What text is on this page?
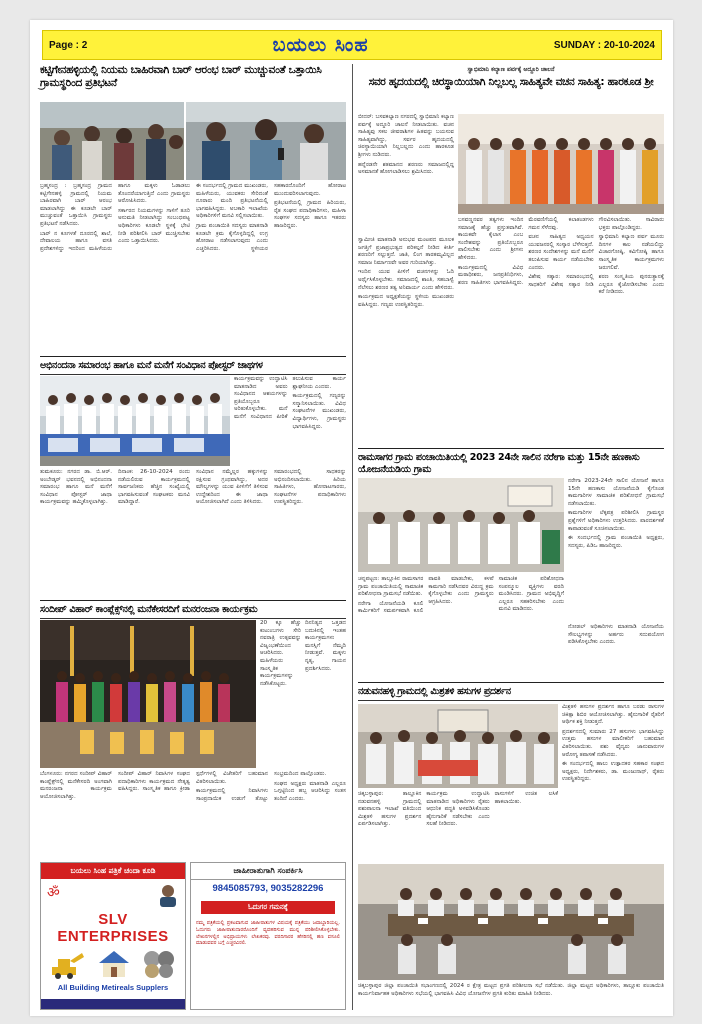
Page : 2	ಬಯಲು ಸಿಂಹ	SUNDAY : 20-10-2024
ಕಟ್ಟಿಗೇನಹಳ್ಳಿಯಲ್ಲಿ ನಿಯಮ ಬಾಹಿರವಾಗಿ ಬಾರ್ ಆರಂಭ ಬಾರ್ ಮುಚ್ಚುವಂತೆ ಒತ್ತಾಯಿಸಿ ಗ್ರಾಮಸ್ಥರಿಂದ ಪ್ರತಿಭಟನೆ

ಬ್ರಹ್ಮಸಂದ್ರ : ಬ್ರಹ್ಮಸಂದ್ರ ಗ್ರಾಮದ ಕಟ್ಟಿಗೇನಹಳ್ಳಿ ಗ್ರಾಮದಲ್ಲಿ ನಿಯಮ ಬಾಹಿರವಾಗಿ ಬಾರ್ ಆರಂಭ ಮಾಡಲಾಗಿದ್ದು ಈ ಕೂಡಲೇ ಬಾರ್ ಮುಚ್ಚುವಂತೆ ಒತ್ತಾಯಿಸಿ ಗ್ರಾಮಸ್ಥರು ಪ್ರತಿಭಟನೆ ನಡೆಸಿದರು.

ಬಾರ್ ನ ಕೂಗಳತೆ ದೂರದಲ್ಲಿ ಶಾಲೆ, ದೇವಾಲಯ ಹಾಗೂ ವಸತಿ ಪ್ರದೇಶಗಳಿದ್ದು ಇದರಿಂದ ಮಹಿಳೆಯರು ಹಾಗೂ ಮಕ್ಕಳು ಓಡಾಡಲು ತೊಂದರೆಯಾಗುತ್ತಿದೆ ಎಂದು ಗ್ರಾಮಸ್ಥರು ಆರೋಪಿಸಿದರು.

ಸರ್ಕಾರದ ನಿಯಮಗಳನ್ನು ಗಾಳಿಗೆ ತೂರಿ ಅನುಮತಿ ನೀಡಲಾಗಿದ್ದು ಸಂಬಂಧಪಟ್ಟ ಅಧಿಕಾರಿಗಳು ಕೂಡಲೇ ಸ್ಥಳಕ್ಕೆ ಭೇಟಿ ನೀಡಿ ಪರಿಶೀಲಿಸಿ ಬಾರ್ ಮುಚ್ಚಿಸಬೇಕು ಎಂದು ಒತ್ತಾಯಿಸಿದರು.

ಈ ಸಂದರ್ಭದಲ್ಲಿ ಗ್ರಾಮದ ಮುಖಂಡರು, ಮಹಿಳೆಯರು, ಯುವಕರು ಸೇರಿದಂತೆ ನೂರಾರು ಮಂದಿ ಪ್ರತಿಭಟನೆಯಲ್ಲಿ ಭಾಗವಹಿಸಿದ್ದರು. ಅಬಕಾರಿ ಇಲಾಖೆಯ ಅಧಿಕಾರಿಗಳಿಗೆ ಮನವಿ ಸಲ್ಲಿಸಲಾಯಿತು.

ಗ್ರಾಮ ಪಂಚಾಯಿತಿ ಸದಸ್ಯರು ಮಾತನಾಡಿ ಕೂಡಲೇ ಕ್ರಮ ಕೈಗೊಳ್ಳದಿದ್ದಲ್ಲಿ ಉಗ್ರ ಹೋರಾಟ ನಡೆಸಲಾಗುವುದು ಎಂದು ಎಚ್ಚರಿಸಿದರು. ಸ್ಥಳೀಯರ ಸಹಕಾರದೊಂದಿಗೆ ಹೋರಾಟ ಮುಂದುವರಿಸಲಾಗುವುದು.

ಪ್ರತಿಭಟನೆಯಲ್ಲಿ ಗ್ರಾಮದ ಹಿರಿಯರು, ರೈತ ಸಂಘದ ಪದಾಧಿಕಾರಿಗಳು, ಮಹಿಳಾ ಸಂಘಗಳ ಸದಸ್ಯರು ಹಾಗೂ ಇತರರು ಹಾಜರಿದ್ದರು.

ಅಭಿನಂದನಾ ಸಮಾರಂಭ ಹಾಗೂ ಮನೆ ಮನೆಗೆ ಸಂವಿಧಾನ ಪೋಸ್ಟರ್ ಜಾಥಗಳ

ಕಾರ್ಯಕ್ರಮವನ್ನು ಉದ್ಘಾಟಿಸಿ ಮಾತನಾಡಿದ ಅವರು ಸಂವಿಧಾನದ ಆಶಯಗಳನ್ನು ಪ್ರತಿಯೊಬ್ಬರೂ ಅರಿತುಕೊಳ್ಳಬೇಕು. ಮನೆ ಮನೆಗೆ ಸಂವಿಧಾನದ ಪೀಠಿಕೆ ತಲುಪಿಸುವ ಕಾರ್ಯ ಶ್ಲಾಘನೀಯ ಎಂದರು.

ಕಾರ್ಯಕ್ರಮದಲ್ಲಿ ಗಣ್ಯರನ್ನು ಸನ್ಮಾನಿಸಲಾಯಿತು. ವಿವಿಧ ಸಂಘಟನೆಗಳ ಮುಖಂಡರು, ವಿದ್ಯಾರ್ಥಿಗಳು, ಗ್ರಾಮಸ್ಥರು ಭಾಗವಹಿಸಿದ್ದರು.

ತುಮಕೂರು: ನಗರದ ಡಾ. ಬಿ.ಆರ್. ಅಂಬೇಡ್ಕರ್ ಭವನದಲ್ಲಿ ಅಭಿನಂದನಾ ಸಮಾರಂಭ ಹಾಗೂ ಮನೆ ಮನೆಗೆ ಸಂವಿಧಾನ ಪೋಸ್ಟರ್ ಜಾಥಾ ಕಾರ್ಯಕ್ರಮವನ್ನು ಹಮ್ಮಿಕೊಳ್ಳಲಾಗಿತ್ತು.

ದಿನಾಂಕ: 26-10-2024 ರಂದು ನಡೆಯಲಿರುವ ಕಾರ್ಯಕ್ರಮದಲ್ಲಿ ಸಾರ್ವಜನಿಕರು ಹೆಚ್ಚಿನ ಸಂಖ್ಯೆಯಲ್ಲಿ ಭಾಗವಹಿಸುವಂತೆ ಸಂಘಟಕರು ಮನವಿ ಮಾಡಿದ್ದಾರೆ.

ಸಂವಿಧಾನ ನಮ್ಮೆಲ್ಲರ ಹಕ್ಕುಗಳನ್ನು ರಕ್ಷಿಸುವ ಗ್ರಂಥವಾಗಿದ್ದು, ಅದರ ಮೌಲ್ಯಗಳನ್ನು ಯುವ ಪೀಳಿಗೆಗೆ ತಿಳಿಸುವ ಉದ್ದೇಶದಿಂದ ಈ ಜಾಥಾ ಆಯೋಜಿಸಲಾಗಿದೆ ಎಂದು ತಿಳಿಸಿದರು.

ಸಮಾರಂಭದಲ್ಲಿ ಸಾಧಕರನ್ನು ಅಭಿನಂದಿಸಲಾಯಿತು. ಹಿರಿಯ ಸಾಹಿತಿಗಳು, ಹೋರಾಟಗಾರರು, ಸಂಘಟನೆಗಳ ಪದಾಧಿಕಾರಿಗಳು ಉಪಸ್ಥಿತರಿದ್ದರು.

ಸಂದೀಪ್ ವಿಹಾರ್ ಕಾಂಪ್ಲೆಕ್ಸ್‌ನಲ್ಲಿ ಮನೆಕೇಸರದಿಗೆ ಮನರಂಜನಾ ಕಾರ್ಯಕ್ರಮ

20 ಕ್ಕೂ ಹೆಚ್ಚು ಕುಟುಂಬಗಳು ಸೇರಿ ನವರಾತ್ರಿ ಉತ್ಸವವನ್ನು ವಿಜೃಂಭಣೆಯಿಂದ ಆಚರಿಸಿದರು. ಮಹಿಳೆಯರು ಸಾಂಸ್ಕೃತಿಕ ಕಾರ್ಯಕ್ರಮಗಳನ್ನು ನಡೆಸಿಕೊಟ್ಟರು.

ದಿನನಿತ್ಯದ ಒತ್ತಡದ ಬದುಕಿನಲ್ಲಿ ಇಂತಹ ಕಾರ್ಯಕ್ರಮಗಳು ಮನಸ್ಸಿಗೆ ನೆಮ್ಮದಿ ನೀಡುತ್ತವೆ. ಮಕ್ಕಳು ನೃತ್ಯ, ಗಾಯನ ಪ್ರದರ್ಶಿಸಿದರು.

ಬೆಂಗಳೂರು: ನಗರದ ಸಂದೀಪ್ ವಿಹಾರ್ ಕಾಂಪ್ಲೆಕ್ಸ್‌ನಲ್ಲಿ ಮನೆಕೇಸರದಿ ಅಂಗವಾಗಿ ಮನರಂಜನಾ ಕಾರ್ಯಕ್ರಮ ಆಯೋಜಿಸಲಾಗಿತ್ತು.

ಸಂದೀಪ್ ವಿಹಾರ್ ನಿವಾಸಿಗಳ ಸಂಘದ ಪದಾಧಿಕಾರಿಗಳು ಕಾರ್ಯಕ್ರಮದ ನೇತೃತ್ವ ವಹಿಸಿದ್ದರು. ಸಾಂಸ್ಕೃತಿಕ ಹಾಗೂ ಕ್ರೀಡಾ ಸ್ಪರ್ಧೆಗಳಲ್ಲಿ ವಿಜೇತರಿಗೆ ಬಹುಮಾನ ವಿತರಿಸಲಾಯಿತು.

ಕಾರ್ಯಕ್ರಮದಲ್ಲಿ ನಿವಾಸಿಗಳು ಸಾಂಪ್ರದಾಯಿಕ ಉಡುಗೆ ತೊಟ್ಟು ಸಂಭ್ರಮದಿಂದ ಪಾಲ್ಗೊಂಡರು.

ಸಂಘದ ಅಧ್ಯಕ್ಷರು ಮಾತನಾಡಿ ಎಲ್ಲರೂ ಒಗ್ಗಟ್ಟಿನಿಂದ ಹಬ್ಬ ಆಚರಿಸಿದ್ದು ಸಂತಸ ತಂದಿದೆ ಎಂದರು.

ಬಯಲು ಸಿಂಹ ಪತ್ರಿಕೆ ಚಂದಾ ಕೂಡಿ
ॐ
SLV ENTERPRISES
All Building Metireals Supplers
ಜಾಹೀರಾತುಗಾಗಿ ಸಂಪರ್ಕಿಸಿ
9845085793, 9035282296
ಓದುಗರ ಗಮನಕ್ಕೆ
ನಮ್ಮ ಪತ್ರಿಕೆಯಲ್ಲಿ ಪ್ರಕಟವಾಗುವ ಜಾಹೀರಾತುಗಳ ವಿಷಯಕ್ಕೆ ಪತ್ರಿಕೆಯು ಜವಾಬ್ದಾರಿಯಲ್ಲ. ಓದುಗರು ಜಾಹೀರಾತುದಾರರೊಂದಿಗೆ ವ್ಯವಹರಿಸುವ ಮುನ್ನ ಪರಿಶೀಲಿಸಿಕೊಳ್ಳಬೇಕು. ಲೇಖನಗಳಲ್ಲಿನ ಅಭಿಪ್ರಾಯಗಳು ಲೇಖಕರವು. ವರದಿಗಾರರ ಹೆಸರಿನಲ್ಲಿ ಹಣ ವಸೂಲಿ ಮಾಡುವವರ ಬಗ್ಗೆ ಎಚ್ಚರವಿರಲಿ.
ಸ್ವಾಭಿಮಾನಿ ಕಲ್ಯಾಣ ಪರ್ವಕ್ಕೆ ಅದ್ದೂರಿ ಚಾಲನೆ
ಸವರ ಹೃದಯದಲ್ಲಿ ಚಿರಸ್ಥಾಯಿಯಾಗಿ ನಿಲ್ಲಬಲ್ಲ ಸಾಹಿತ್ಯವೇ ವಚನ ಸಾಹಿತ್ಯ: ಹಾರಕೂಡ ಶ್ರೀ

ಬೀದರ್: ಬಸವಕಲ್ಯಾಣ ನಗರದಲ್ಲಿ ಸ್ವಾಭಿಮಾನಿ ಕಲ್ಯಾಣ ಪರ್ವಕ್ಕೆ ಅದ್ದೂರಿ ಚಾಲನೆ ನೀಡಲಾಯಿತು. ವಚನ ಸಾಹಿತ್ಯವು ಸಕಲ ಜೀವರಾಶಿಗಳ ಹಿತವನ್ನು ಬಯಸುವ ಸಾಹಿತ್ಯವಾಗಿದ್ದು, ಸರ್ವರ ಹೃದಯದಲ್ಲಿ ಚಿರಸ್ಥಾಯಿಯಾಗಿ ನಿಲ್ಲಬಲ್ಲದು ಎಂದು ಹಾರಕೂಡ ಶ್ರೀಗಳು ನುಡಿದರು.

ಹನ್ನೆರಡನೇ ಶತಮಾನದ ಶರಣರು ಸಮಾಜದಲ್ಲಿದ್ದ ಅಸಮಾನತೆ ಹೋಗಲಾಡಿಸಲು ಶ್ರಮಿಸಿದರು.

ಬಸವಣ್ಣನವರ ತತ್ವಗಳು ಇಂದಿನ ಸಮಾಜಕ್ಕೆ ಹೆಚ್ಚು ಪ್ರಸ್ತುತವಾಗಿವೆ. ಕಾಯಕವೇ ಕೈಲಾಸ ಎಂಬ ಸಂದೇಶವನ್ನು ಪ್ರತಿಯೊಬ್ಬರೂ ಪಾಲಿಸಬೇಕು ಎಂದು ಶ್ರೀಗಳು ಹೇಳಿದರು.

ಕಾರ್ಯಕ್ರಮದಲ್ಲಿ ವಿವಿಧ ಮಠಾಧೀಶರು, ಜನಪ್ರತಿನಿಧಿಗಳು, ಶರಣ ಸಾಹಿತಿಗಳು ಭಾಗವಹಿಸಿದ್ದರು. ಮೆರವಣಿಗೆಯಲ್ಲಿ ಕಲಾತಂಡಗಳು ಗಮನ ಸೆಳೆದವು.

ವಚನ ಸಾಹಿತ್ಯದ ಅಧ್ಯಯನ ಯುವಜನರಲ್ಲಿ ಸಂಸ್ಕಾರ ಬೆಳೆಸುತ್ತದೆ. ಶರಣರ ಸಂದೇಶಗಳನ್ನು ಮನೆ ಮನೆಗೆ ತಲುಪಿಸುವ ಕಾರ್ಯ ನಡೆಯಬೇಕು ಎಂದರು.

ವಿಶೇಷ ಸತ್ಕಾರ: ಸಮಾರಂಭದಲ್ಲಿ ಸಾಧಕರಿಗೆ ವಿಶೇಷ ಸತ್ಕಾರ ನೀಡಿ ಗೌರವಿಸಲಾಯಿತು. ಸಾವಿರಾರು ಭಕ್ತರು ಪಾಲ್ಗೊಂಡಿದ್ದರು.

ಸ್ವಾಭಿಮಾನಿ ಕಲ್ಯಾಣ ಪರ್ವ ಮೂರು ದಿನಗಳ ಕಾಲ ನಡೆಯಲಿದ್ದು ವಿಚಾರಗೋಷ್ಠಿ, ಕವಿಗೋಷ್ಠಿ ಹಾಗೂ ಸಾಂಸ್ಕೃತಿಕ ಕಾರ್ಯಕ್ರಮಗಳು ಜರುಗಲಿವೆ.

ಶರಣ ಸಂಸ್ಕೃತಿಯ ಪುನರುತ್ಥಾನಕ್ಕೆ ಎಲ್ಲರೂ ಕೈಜೋಡಿಸಬೇಕು ಎಂದು ಕರೆ ನೀಡಿದರು.

ಸ್ವಾಮೀಜಿ ಮಾತನಾಡಿ ಅನುಭವ ಮಂಟಪದ ಮೂಲಕ ಜಗತ್ತಿಗೆ ಪ್ರಜಾಪ್ರಭುತ್ವದ ಪರಿಕಲ್ಪನೆ ನೀಡಿದ ಕೀರ್ತಿ ಶರಣರಿಗೆ ಸಲ್ಲುತ್ತದೆ. ಜಾತಿ, ಲಿಂಗ ತಾರತಮ್ಯವಿಲ್ಲದ ಸಮಾಜ ನಿರ್ಮಾಣವೇ ಅವರ ಗುರಿಯಾಗಿತ್ತು.

ಇಂದಿನ ಯುವ ಪೀಳಿಗೆ ವಚನಗಳನ್ನು ಓದಿ ಅರ್ಥೈಸಿಕೊಳ್ಳಬೇಕು. ಸಮಾಜದಲ್ಲಿ ಶಾಂತಿ, ಸಹಬಾಳ್ವೆ ನೆಲೆಸಲು ಶರಣರ ತತ್ವ ಅನಿವಾರ್ಯ ಎಂದು ಹೇಳಿದರು.

ಕಾರ್ಯಕ್ರಮದ ಅಧ್ಯಕ್ಷತೆಯನ್ನು ಸ್ಥಳೀಯ ಮುಖಂಡರು ವಹಿಸಿದ್ದರು. ಗಣ್ಯರು ಉಪಸ್ಥಿತರಿದ್ದರು.

ರಾಮಸಾಗರ ಗ್ರಾಮ ಪಂಚಾಯಿತಿಯಲ್ಲಿ 2023 24ನೇ ಸಾಲಿನ ನರೇಗಾ ಮತ್ತು 15ನೇ ಹಣಕಾಸು ಯೋಜನೆಯಡಿಯ ಗ್ರಾಮ

ನರೇಗಾ 2023-24ನೇ ಸಾಲಿನ ಯೋಜನೆ ಹಾಗೂ 15ನೇ ಹಣಕಾಸು ಯೋಜನೆಯಡಿ ಕೈಗೊಂಡ ಕಾಮಗಾರಿಗಳ ಸಾಮಾಜಿಕ ಪರಿಶೋಧನೆ ಗ್ರಾಮಸಭೆ ನಡೆಸಲಾಯಿತು.

ಕಾಮಗಾರಿಗಳ ಲೆಕ್ಕಪತ್ರ ಪರಿಶೀಲಿಸಿ ಗ್ರಾಮಸ್ಥರ ಪ್ರಶ್ನೆಗಳಿಗೆ ಅಧಿಕಾರಿಗಳು ಉತ್ತರಿಸಿದರು. ಪಾರದರ್ಶಕತೆ ಕಾಪಾಡುವಂತೆ ಸೂಚಿಸಲಾಯಿತು.

ಈ ಸಂದರ್ಭದಲ್ಲಿ ಗ್ರಾಮ ಪಂಚಾಯಿತಿ ಅಧ್ಯಕ್ಷರು, ಸದಸ್ಯರು, ಪಿಡಿಒ ಹಾಜರಿದ್ದರು.

ಚನ್ನಪಟ್ಟಣ: ತಾಲ್ಲೂಕಿನ ರಾಮಸಾಗರ ಗ್ರಾಮ ಪಂಚಾಯಿತಿಯಲ್ಲಿ ಸಾಮಾಜಿಕ ಪರಿಶೋಧನಾ ಗ್ರಾಮಸಭೆ ನಡೆಯಿತು.

ನರೇಗಾ ಯೋಜನೆಯಡಿ ಕೂಲಿ ಕಾರ್ಮಿಕರಿಗೆ ಸಮರ್ಪಕವಾಗಿ ಕೂಲಿ ಪಾವತಿ ಮಾಡಬೇಕು, ಕಳಪೆ ಕಾಮಗಾರಿ ನಡೆಸಿದವರ ವಿರುದ್ಧ ಕ್ರಮ ಕೈಗೊಳ್ಳಬೇಕು ಎಂದು ಗ್ರಾಮಸ್ಥರು ಆಗ್ರಹಿಸಿದರು.

ಸಾಮಾಜಿಕ ಪರಿಶೋಧನಾ ಸಂಪನ್ಮೂಲ ವ್ಯಕ್ತಿಗಳು ವರದಿ ಮಂಡಿಸಿದರು. ಗ್ರಾಮದ ಅಭಿವೃದ್ಧಿಗೆ ಎಲ್ಲರೂ ಸಹಕರಿಸಬೇಕು ಎಂದು ಮನವಿ ಮಾಡಿದರು.

ನೋಡಲ್ ಅಧಿಕಾರಿಗಳು ಮಾತನಾಡಿ ಯೋಜನೆಯ ಸೌಲಭ್ಯಗಳನ್ನು ಅರ್ಹರು ಸದುಪಯೋಗ ಪಡಿಸಿಕೊಳ್ಳಬೇಕು ಎಂದರು.

ನಡುವನಹಳ್ಳಿ ಗ್ರಾಮದಲ್ಲಿ ಮಿಶ್ರತಳಿ ಹಸುಗಳ ಪ್ರದರ್ಶನ

ಮಿಶ್ರತಳಿ ಹಸುಗಳ ಪ್ರದರ್ಶನ ಹಾಗೂ ಬರಡು ರಾಸುಗಳ ಚಿಕಿತ್ಸಾ ಶಿಬಿರ ಆಯೋಜಿಸಲಾಗಿತ್ತು. ಹೈನುಗಾರಿಕೆ ರೈತರಿಗೆ ಆರ್ಥಿಕ ಶಕ್ತಿ ನೀಡುತ್ತದೆ.

ಪ್ರದರ್ಶನದಲ್ಲಿ ಸುಮಾರು 27 ಹಸುಗಳು ಭಾಗವಹಿಸಿದ್ದು ಉತ್ತಮ ಹಸುಗಳ ಮಾಲೀಕರಿಗೆ ಬಹುಮಾನ ವಿತರಿಸಲಾಯಿತು. ಪಶು ವೈದ್ಯರು ಜಾನುವಾರುಗಳ ಆರೋಗ್ಯ ತಪಾಸಣೆ ನಡೆಸಿದರು.

ಈ ಸಂದರ್ಭದಲ್ಲಿ ಹಾಲು ಉತ್ಪಾದಕರ ಸಹಕಾರ ಸಂಘದ ಅಧ್ಯಕ್ಷರು, ನಿರ್ದೇಶಕರು, ಡಾ. ಮಂಜುನಾಥ್, ರೈತರು ಉಪಸ್ಥಿತರಿದ್ದರು.

ಚಿಕ್ಕಬಳ್ಳಾಪುರ: ತಾಲ್ಲೂಕಿನ ನಡುವನಹಳ್ಳಿ ಗ್ರಾಮದಲ್ಲಿ ಪಶುಪಾಲನಾ ಇಲಾಖೆ ವತಿಯಿಂದ ಮಿಶ್ರತಳಿ ಹಸುಗಳ ಪ್ರದರ್ಶನ ಏರ್ಪಡಿಸಲಾಗಿತ್ತು.

ಕಾರ್ಯಕ್ರಮ ಉದ್ಘಾಟಿಸಿ ಮಾತನಾಡಿದ ಅಧಿಕಾರಿಗಳು ರೈತರು ಆಧುನಿಕ ಪದ್ಧತಿ ಅಳವಡಿಸಿಕೊಂಡು ಹೈನುಗಾರಿಕೆ ನಡೆಸಬೇಕು ಎಂದು ಸಲಹೆ ನೀಡಿದರು.

ರಾಸುಗಳಿಗೆ ಉಚಿತ ಲಸಿಕೆ ಹಾಕಲಾಯಿತು.

ಚಿಕ್ಕಬಳ್ಳಾಪುರ ಜಿಲ್ಲಾ ಪಂಚಾಯಿತಿ ಸಭಾಂಗಣದಲ್ಲಿ 2024 ರ ಕ್ಷೇತ್ರ ಮಟ್ಟದ ಪ್ರಗತಿ ಪರಿಶೀಲನಾ ಸಭೆ ನಡೆಯಿತು. ಜಿಲ್ಲಾ ಮಟ್ಟದ ಅಧಿಕಾರಿಗಳು, ತಾಲ್ಲೂಕು ಪಂಚಾಯಿತಿ ಕಾರ್ಯನಿರ್ವಾಹಕ ಅಧಿಕಾರಿಗಳು ಸಭೆಯಲ್ಲಿ ಭಾಗವಹಿಸಿ ವಿವಿಧ ಯೋಜನೆಗಳ ಪ್ರಗತಿ ಕುರಿತು ಮಾಹಿತಿ ನೀಡಿದರು.
